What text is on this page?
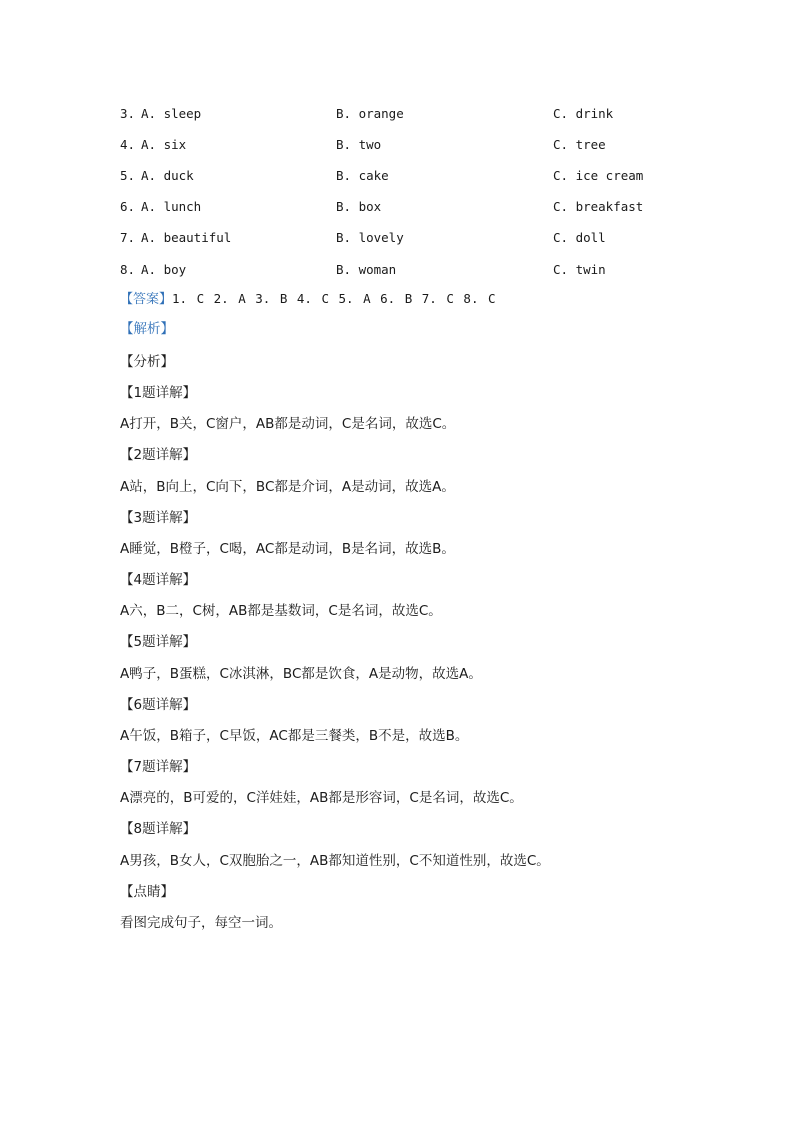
3. A. sleep	B. orange	C. drink
4. A. six	B. two	C. tree
5. A. duck	B. cake	C. ice cream
6. A. lunch	B. box	C. breakfast
7. A. beautiful	B. lovely	C. doll
8. A. boy	B. woman	C. twin
【答案】1. C 2. A 3. B 4. C 5. A 6. B 7. C 8. C
【解析】
【分析】
【1题详解】
A打开，B关，C窗户，AB都是动词，C是名词，故选C。
【2题详解】
A站，B向上，C向下，BC都是介词，A是动词，故选A。
【3题详解】
A睡觉，B橙子，C喝，AC都是动词，B是名词，故选B。
【4题详解】
A六，B二，C树，AB都是基数词，C是名词，故选C。
【5题详解】
A鸭子，B蛋糕，C冰淇淋，BC都是饮食，A是动物，故选A。
【6题详解】
A午饭，B箱子，C早饭，AC都是三餐类，B不是，故选B。
【7题详解】
A漂亮的，B可爱的，C洋娃娃，AB都是形容词，C是名词，故选C。
【8题详解】
A男孩，B女人，C双胞胎之一，AB都知道性别，C不知道性别，故选C。
【点睛】
看图完成句子，每空一词。
